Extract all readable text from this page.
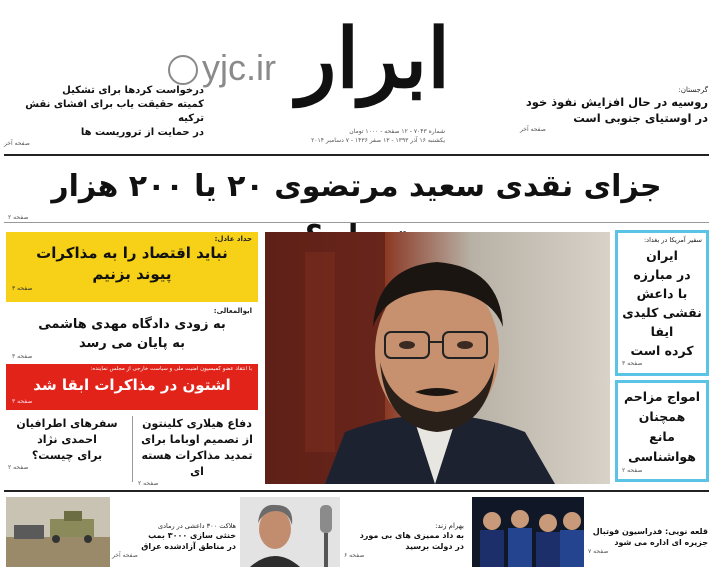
ابرار
yjc.ir
شماره ۷۰۴۳ - ۱۲ صفحه - ۱۰۰۰ تومان
یکشنبه ۱۶ آذر ۱۳۹۳ - ۱۳ صفر ۱۴۳۶ - ۷ دسامبر ۲۰۱۴
گرجستان:
روسیه در حال افزایش نفوذ خود
در اوستیای جنوبی است
صفحه آخر
درخواست کردها برای تشکیل
کمیته حقیقت یاب برای افشای نقش ترکیه
در حمایت از تروریست ها
صفحه آخر
جزای نقدی سعید مرتضوی ۲۰ یا ۲۰۰ هزار
صفحه ۲
سفیر آمریکا در بغداد:
ایران
در مبارزه
با داعش
نقشی کلیدی
ایفا
کرده است
صفحه ۳
امواج مزاحم
همچنان
مانع
هواشناسی
صفحه ۲
حداد عادل:
نباید اقتصاد را به مذاکرات
پیوند بزنیم
صفحه ۳
ابوالمعالی:
به زودی دادگاه مهدی هاشمی
به پایان می رسد
صفحه ۳
با انتقاد عضو کمیسیون امنیت ملی و سیاست خارجی از مجلس نماینده:
اشتون در مذاکرات ابقا شد
صفحه ۳
دفاع هیلاری کلینتون
از تصمیم اوباما برای
تمدید مذاکرات هسته ای
صفحه ۲
سفرهای اطرافیان
احمدی نژاد
برای چیست؟
صفحه ۲
قلعه نویی: فدراسیون فوتبال
جزیره ای اداره می شود
صفحه ۷
بهرام زند:
به داد ممیزی های بی مورد
در دولت برسید
صفحه ۶
هلاکت ۳۰۰ داعشی در رمادی
خنثی سازی ۳۰۰۰ بمب
در مناطق آزادشده عراق
صفحه آخر
